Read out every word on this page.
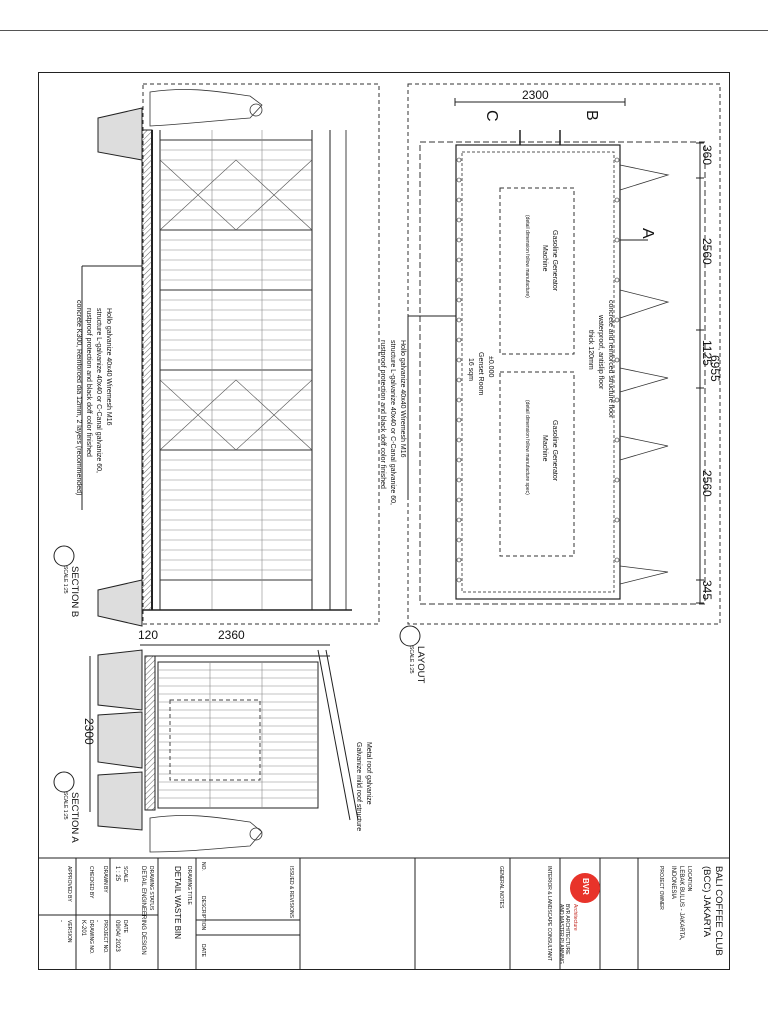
Hollo galvanize 40x40 Wiremesh M16
structure L-galvanize 40x40 or C-Canal galvanize 60,
rustproof protection and black doff color finished
concrete K300, Reinforced dia 12mm, 2 layers (recommended)
SECTION B
SCALE 1:25
2300
6955
360
2560
1125
2560
345
A
B
C
concrete and reinforced structure floor
waterproof, antislip floor
thick 120mm
Gasoline Generator
Machine
(detail dimension follow manufacture)
Gasoline Generator
Machine
(detail dimension follow manufacture spec)
±0.000
Genset Room
16 sqm
Hollo galvanize 40x40 Wiremesh M16
structure L-galvanize 40x40 or C-Canal galvanize 60,
rustproof protection and black doff color finished
LAYOUT
SCALE 1:25
120	2360
2300
Metal roof galvanize
Galvanize mild roof structure
SECTION A
SCALE 1:25
BALI COFFEE CLUB
(BCC) JAKARTA
LOCATION
LEBAK BULUS - JAKARTA,
INDONESIA
PROJECT OWNER
BVR
Architecture
BVR ARCHITECTURE
AND MASTER PLANNING
INTERIOR & LANDSCAPE CONSULTANT
GENERAL NOTES
ISSUED & REVISIONS
NO.
DESCRIPTION
DATE
DRAWING TITLE
DETAIL WASTE BIN
DRAWING STATUS
DETAIL ENGINEERING DESIGN
SCALE
1 : 25
DATE
09/04/ 2023
DRAWN BY
PROJECT NO.
-
CHECKED BY
DRAWING NO.
K-201
APPROVED BY
VERSION
-
